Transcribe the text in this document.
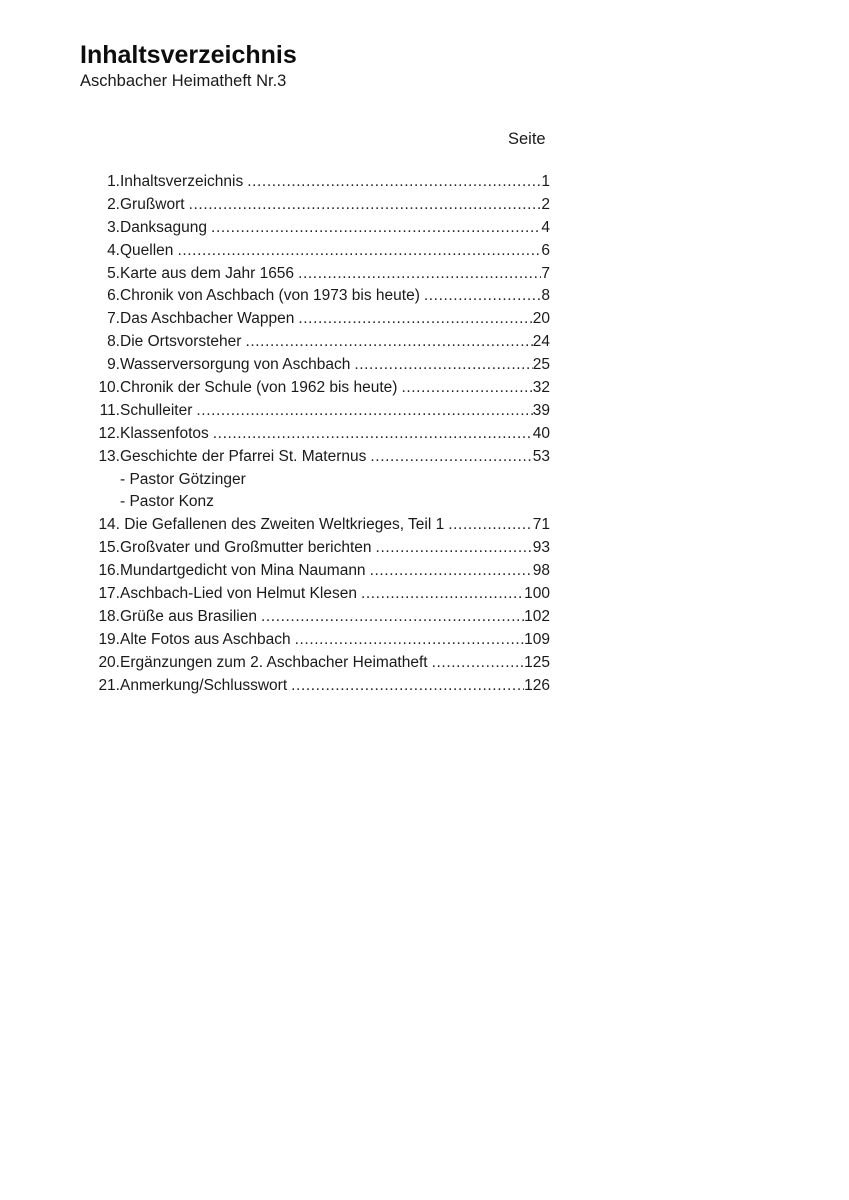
Inhaltsverzeichnis
Aschbacher Heimatheft Nr.3
Seite
1. Inhaltsverzeichnis .....	1
2. Grußwort .....	2
3. Danksagung .....	4
4. Quellen .....	6
5. Karte aus dem Jahr 1656 .....	7
6. Chronik von Aschbach (von 1973 bis heute) .....	8
7. Das Aschbacher Wappen .....	20
8. Die Ortsvorsteher .....	24
9. Wasserversorgung von Aschbach .....	25
10. Chronik der Schule (von 1962 bis heute) .....	32
11. Schulleiter .....	39
12. Klassenfotos .....	40
13. Geschichte der Pfarrei St. Maternus .....	53
- Pastor Götzinger
- Pastor Konz
14. Die Gefallenen des Zweiten Weltkrieges, Teil 1 .....	71
15. Großvater und Großmutter berichten .....	93
16. Mundartgedicht von Mina Naumann .....	98
17. Aschbach-Lied von Helmut Klesen .....	100
18. Grüße aus Brasilien .....	102
19. Alte Fotos aus Aschbach .....	109
20. Ergänzungen zum 2. Aschbacher Heimatheft .....	125
21. Anmerkung/Schlusswort .....	126
